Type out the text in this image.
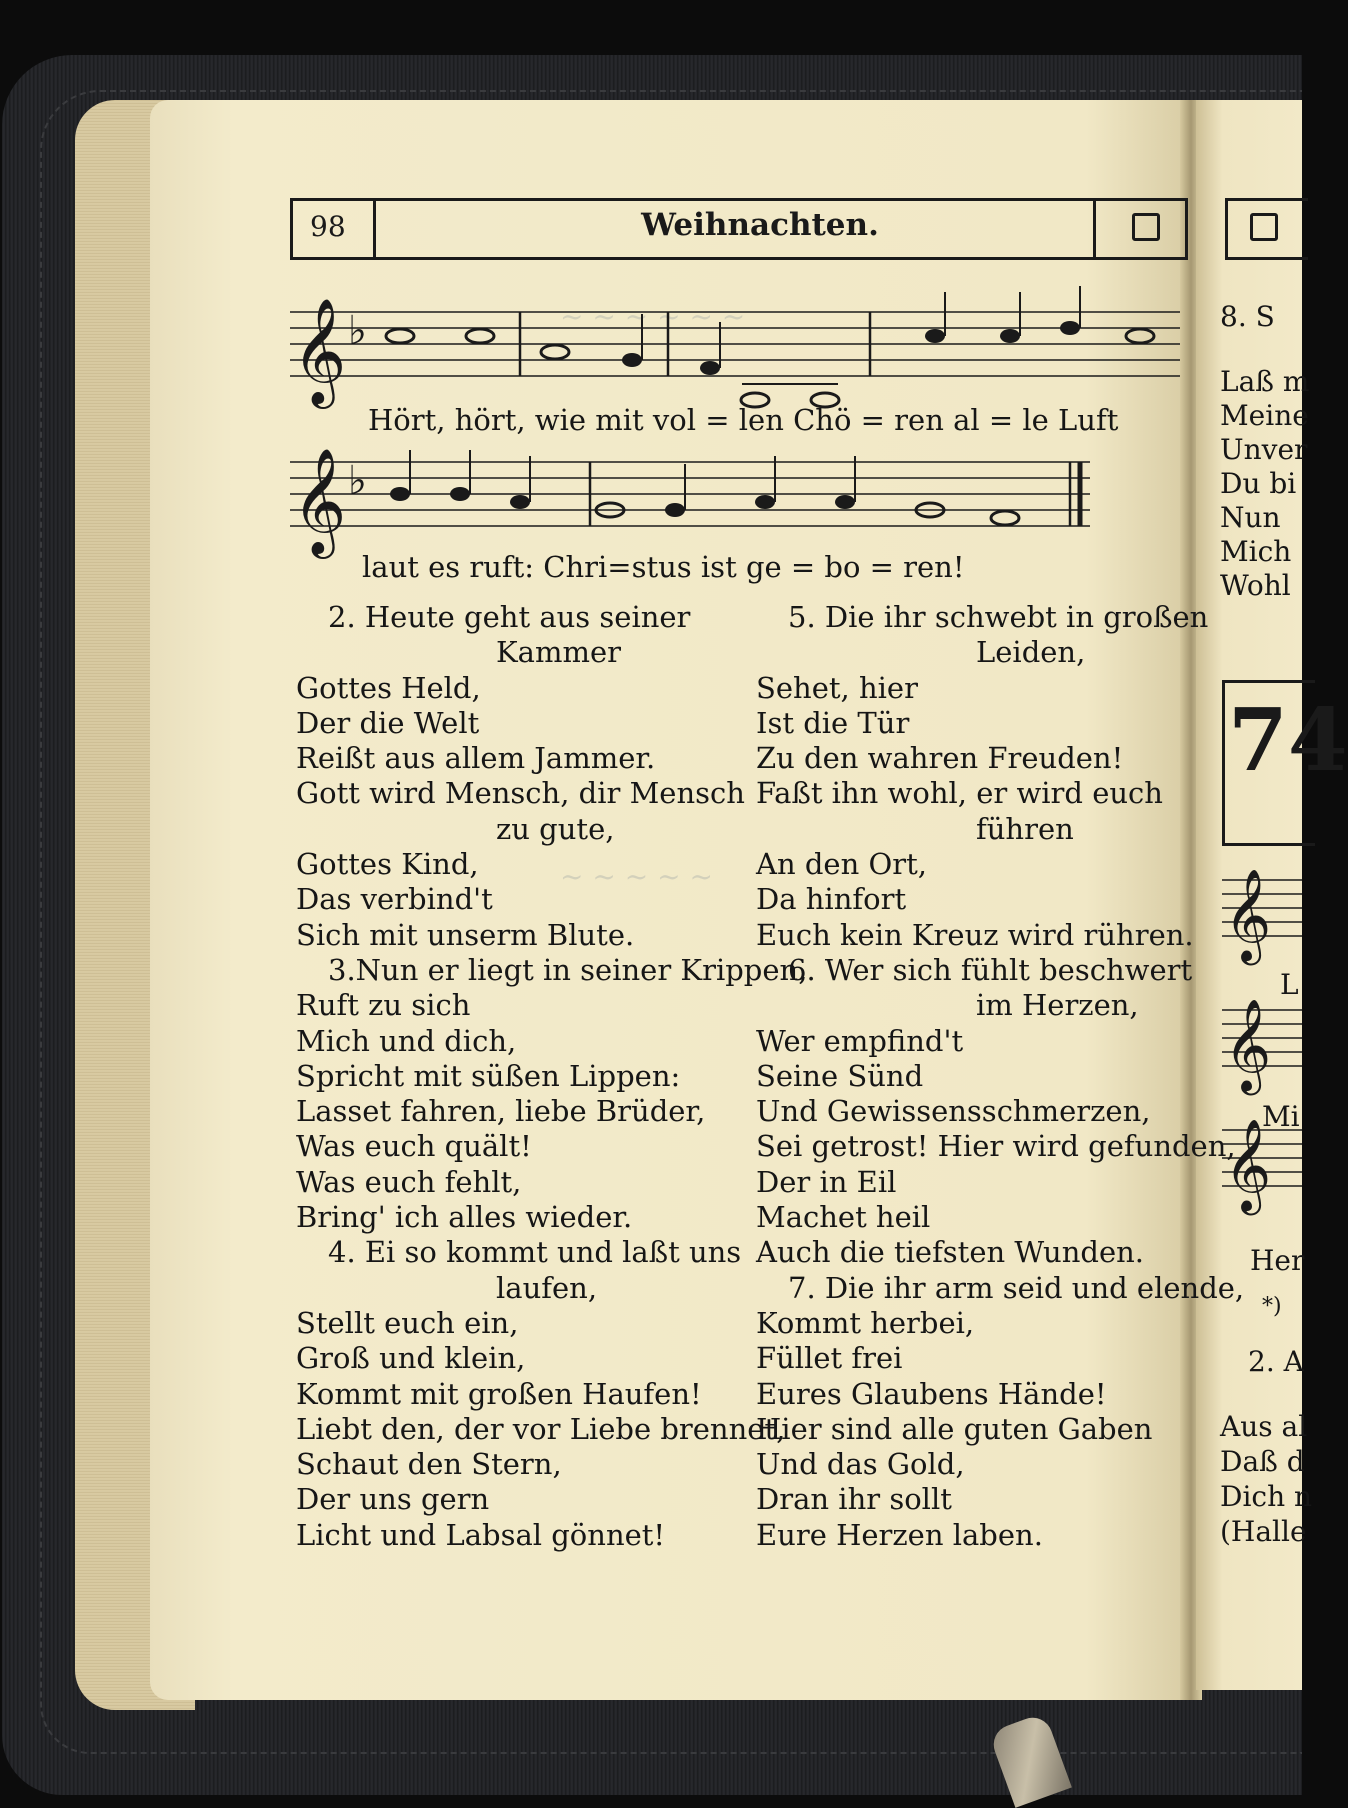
~ ~ ~ ~ ~ ~
~ ~ ~ ~ ~
98	Weihnachten.
𝄞 ♭
Hört, hört, wie mit vol = len Chö = ren al = le Luft
𝄞 ♭
laut es ruft: Chri=stus ist ge = bo = ren!
2. Heute geht aus seiner
Kammer
Gottes Held,
Der die Welt
Reißt aus allem Jammer.
Gott wird Mensch, dir Mensch
zu gute,
Gottes Kind,
Das verbind't
Sich mit unserm Blute.
3.Nun er liegt in seiner Krippen,
Ruft zu sich
Mich und dich,
Spricht mit süßen Lippen:
Lasset fahren, liebe Brüder,
Was euch quält!
Was euch fehlt,
Bring' ich alles wieder.
4. Ei so kommt und laßt uns
laufen,
Stellt euch ein,
Groß und klein,
Kommt mit großen Haufen!
Liebt den, der vor Liebe brennet,
Schaut den Stern,
Der uns gern
Licht und Labsal gönnet!
5. Die ihr schwebt in großen
Leiden,
Sehet, hier
Ist die Tür
Zu den wahren Freuden!
Faßt ihn wohl, er wird euch
führen
An den Ort,
Da hinfort
Euch kein Kreuz wird rühren.
6. Wer sich fühlt beschwert
im Herzen,
Wer empfind't
Seine Sünd
Und Gewissensschmerzen,
Sei getrost! Hier wird gefunden,
Der in Eil
Machet heil
Auch die tiefsten Wunden.
7. Die ihr arm seid und elende,
Kommt herbei,
Füllet frei
Eures Glaubens Hände!
Hier sind alle guten Gaben
Und das Gold,
Dran ihr sollt
Eure Herzen laben.
8. S
Laß m
Meine
Unver
Du bi
Nun
Mich
Wohl
74
𝄞
𝄞
𝄞
L
Mi
Her
*)
2. A
Aus al
Daß d
Dich n
(Halle
